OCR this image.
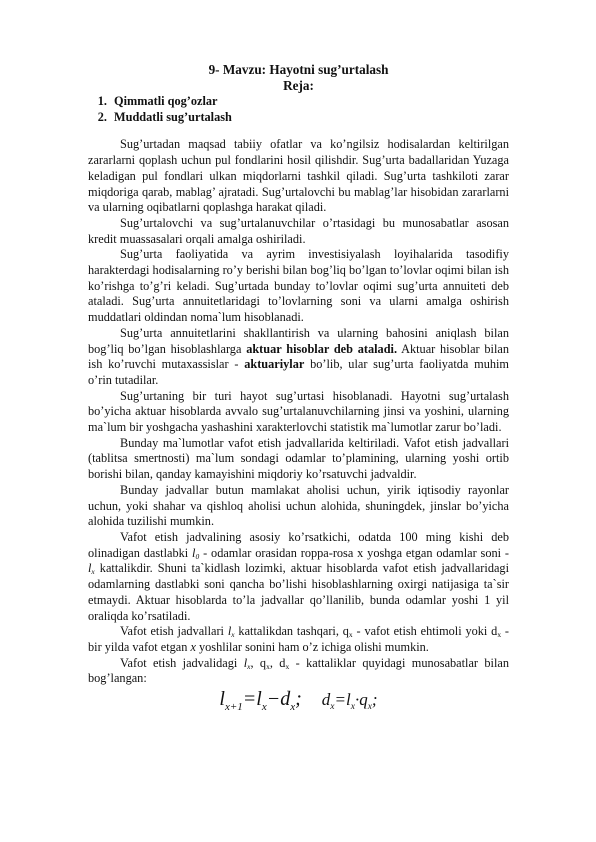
9- Mavzu: Hayotni sug’urtalash
Reja:
1. Qimmatli qog’ozlar
2. Muddatli sug’urtalash

Sug’urtadan maqsad tabiiy ofatlar va ko’ngilsiz hodisalardan keltirilgan zararlarni qoplash uchun pul fondlarini hosil qilishdir. Sug’urta badallaridan Yuzaga keladigan pul fondlari ulkan miqdorlarni tashkil qiladi. Sug’urta tashkiloti zarar miqdoriga qarab, mablag’ ajratadi. Sug’urtalovchi bu mablag’lar hisobidan zararlarni va ularning oqibatlarni qoplashga harakat qiladi.

Sug’urtalovchi va sug’urtalanuvchilar o’rtasidagi bu munosabatlar asosan kredit muassasalari orqali amalga oshiriladi.

Sug’urta faoliyatida va ayrim investisiyalash loyihalarida tasodifiy harakterdagi hodisalarning ro’y berishi bilan bog’liq bo’lgan to’lovlar oqimi bilan ish ko’rishga to’g’ri keladi. Sug’urtada bunday to’lovlar oqimi sug’urta annuiteti deb ataladi. Sug’urta annuitetlaridagi to’lovlarning soni va ularni amalga oshirish muddatlari oldindan noma`lum hisoblanadi.

Sug’urta annuitetlarini shakllantirish va ularning bahosini aniqlash bilan bog’liq bo’lgan hisoblashlarga aktuar hisoblar deb ataladi. Aktuar hisoblar bilan ish ko’ruvchi mutaxassislar - aktuariylar bo’lib, ular sug’urta faoliyatda muhim o’rin tutadilar.

Sug’urtaning bir turi hayot sug’urtasi hisoblanadi. Hayotni sug’urtalash bo’yicha aktuar hisoblarda avvalo sug’urtalanuvchilarning jinsi va yoshini, ularning ma`lum bir yoshgacha yashashini xarakterlovchi statistik ma`lumotlar zarur bo’ladi.

Bunday ma`lumotlar vafot etish jadvallarida keltiriladi. Vafot etish jadvallari (tablitsa smertnosti) ma`lum sondagi odamlar to’plamining, ularning yoshi ortib borishi bilan, qanday kamayishini miqdoriy ko’rsatuvchi jadvaldir.

Bunday jadvallar butun mamlakat aholisi uchun, yirik iqtisodiy rayonlar uchun, yoki shahar va qishloq aholisi uchun alohida, shuningdek, jinslar bo’yicha alohida tuzilishi mumkin.

Vafot etish jadvalining asosiy ko’rsatkichi, odatda 100 ming kishi deb olinadigan dastlabki $l_0$ - odamlar orasidan roppa-rosa x yoshga etgan odamlar soni - $l_x$ kattalikdir. Shuni ta`kidlash lozimki, aktuar hisoblarda vafot etish jadvallaridagi odamlarning dastlabki soni qancha bo’lishi hisoblashlarning oxirgi natijasiga ta`sir etmaydi. Aktuar hisoblarda to’la jadvallar qo’llanilib, bunda odamlar yoshi 1 yil oraliqda ko’rsatiladi.

Vafot etish jadvallari $l_x$ kattalikdan tashqari, $q_x$ - vafot etish ehtimoli yoki $d_x$ - bir yilda vafot etgan x yoshlilar sonini ham o’z ichiga olishi mumkin.

Vafot etish jadvalidagi $l_x$, $q_x$, $d_x$ - kattaliklar quyidagi munosabatlar bilan bog’langan:

$l_{x+1}=l_x-d_x$; $d_x=l_x\cdot q_x$;
